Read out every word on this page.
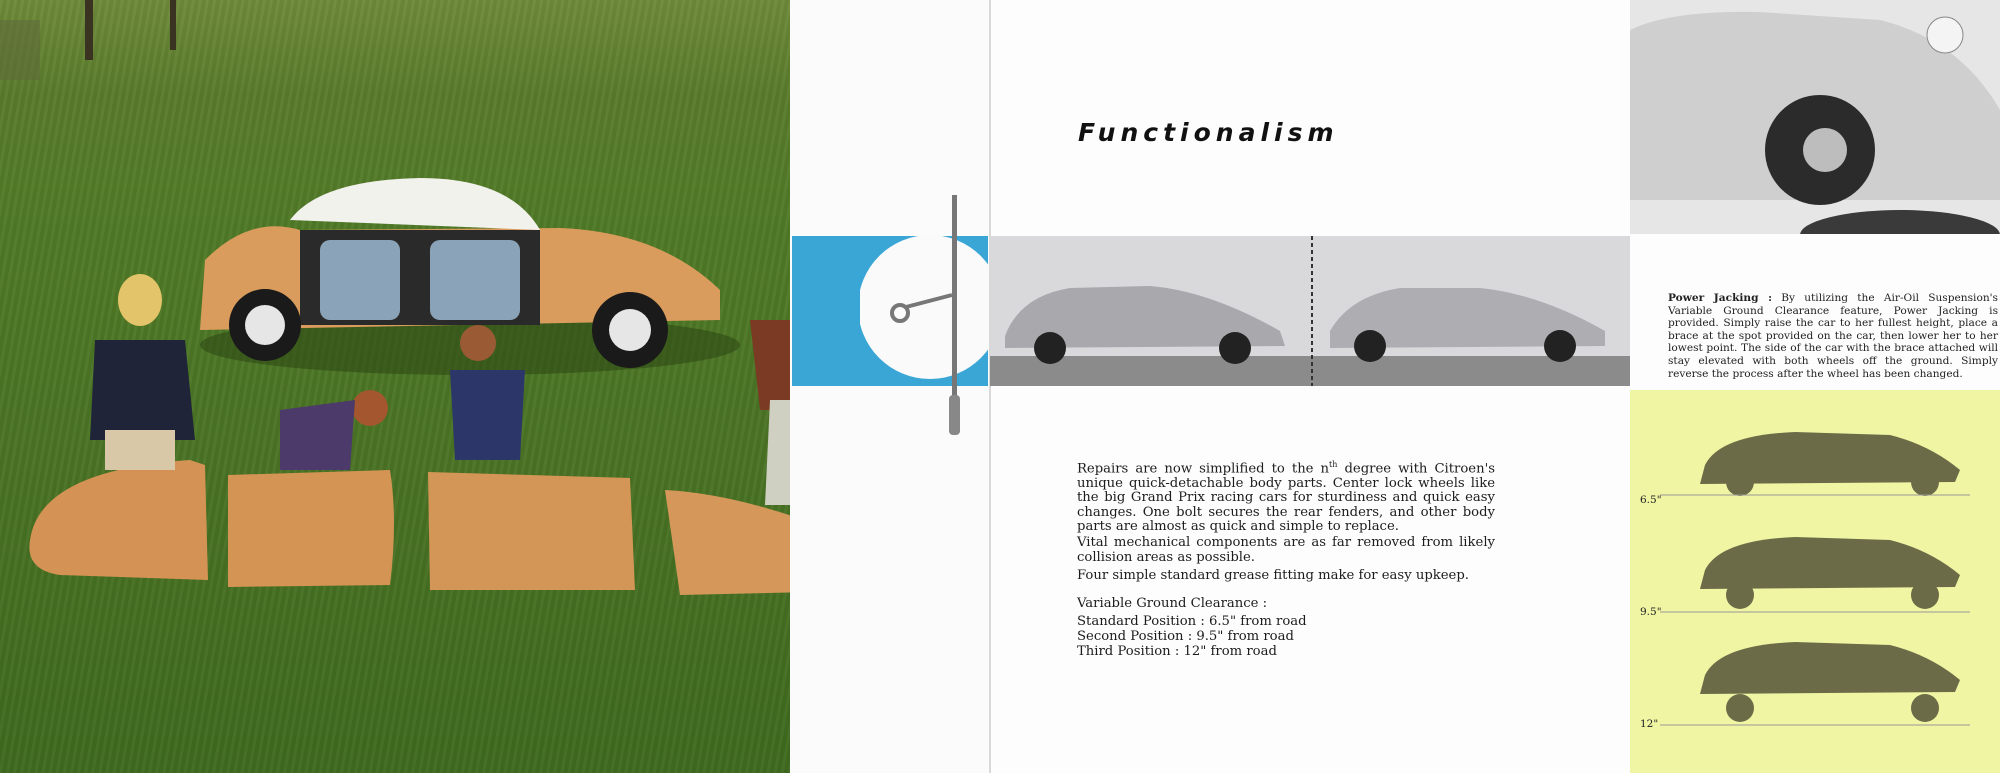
Functionalism
Power Jacking : By utilizing the Air-Oil Suspension's Variable Ground Clearance feature, Power Jacking is provided. Simply raise the car to her fullest height, place a brace at the spot provided on the car, then lower her to her lowest point. The side of the car with the brace attached will stay elevated with both wheels off the ground. Simply reverse the process after the wheel has been changed.

Repairs are now simplified to the $n^{th}$ degree with Citroen's unique quick-detachable body parts. Center lock wheels like the big Grand Prix racing cars for sturdiness and quick easy changes. One bolt secures the rear fenders, and other body parts are almost as quick and simple to replace.

Vital mechanical components are as far removed from likely collision areas as possible.

Four simple standard grease fitting make for easy upkeep.

Variable Ground Clearance :

Standard Position : 6.5" from road

Second Position : 9.5" from road

Third Position : 12" from road

6.5"
9.5"
12"
